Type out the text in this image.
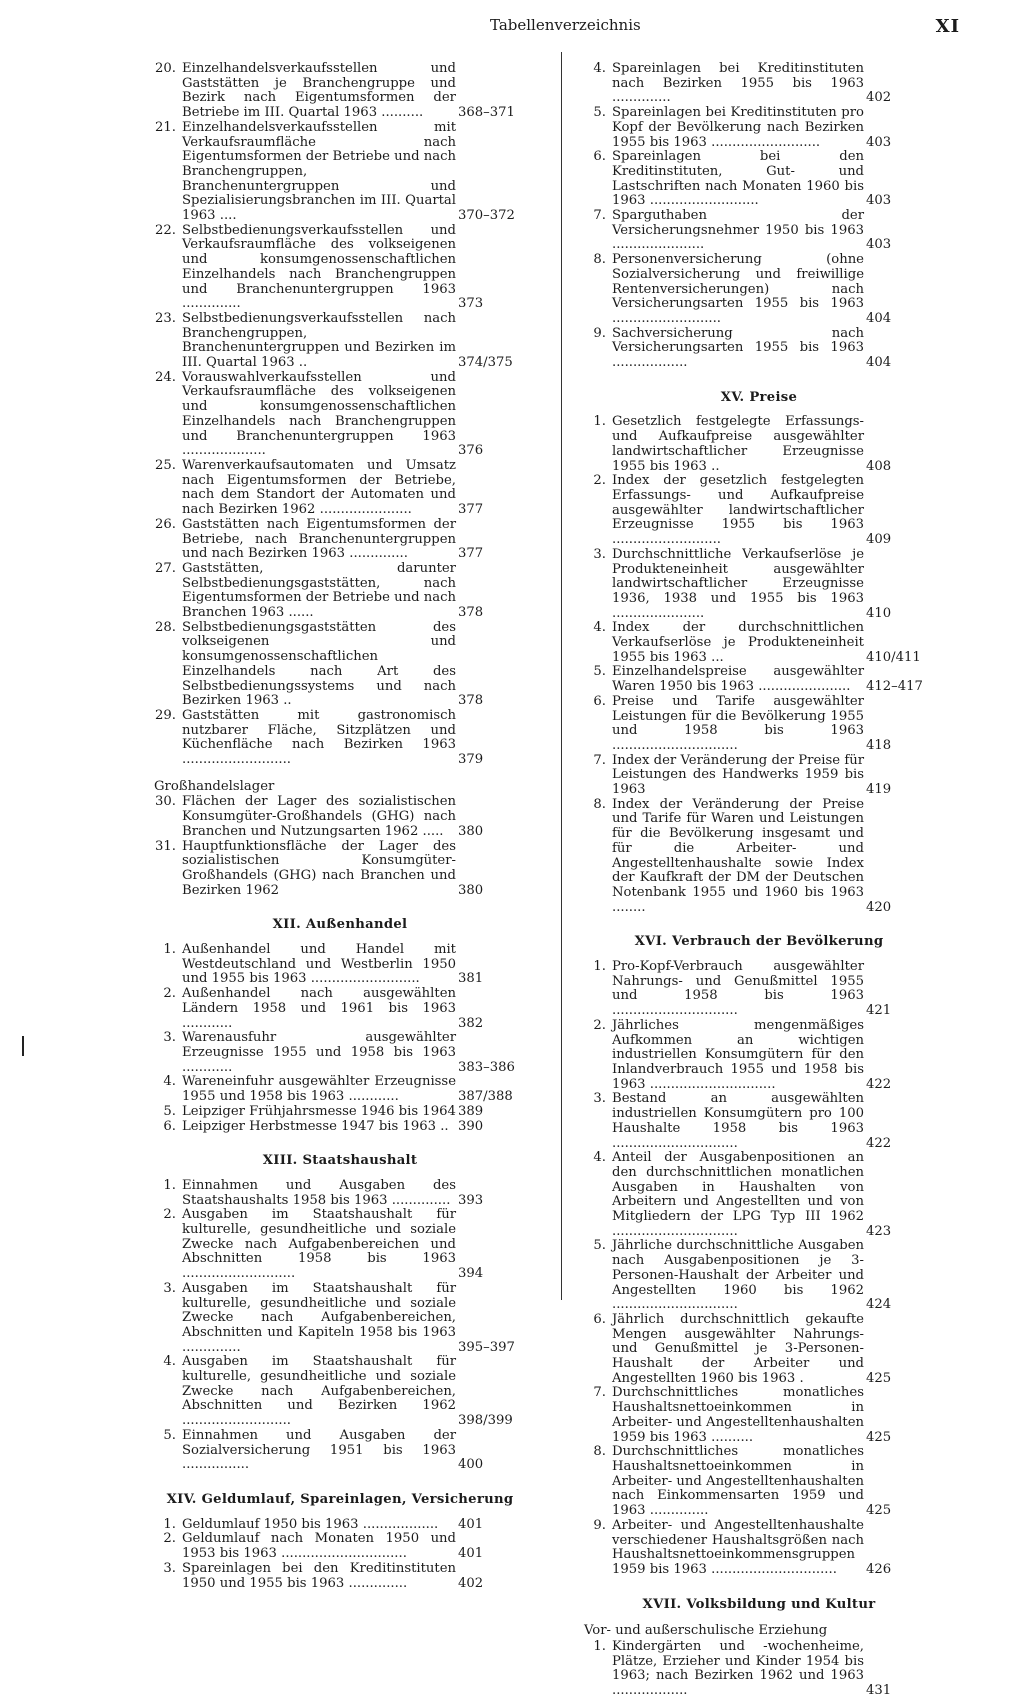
Tabellenverzeichnis	XI
20. Einzelhandelsverkaufsstellen und Gaststätten je Branchengruppe und Bezirk nach Eigentumsformen der Betriebe im III. Quartal 1963 ..........	368–371
21. Einzelhandelsverkaufsstellen mit Verkaufsraumfläche nach Eigentumsformen der Betriebe und nach Branchengruppen, Branchenuntergruppen und Spezialisierungsbranchen im III. Quartal 1963 ....	370–372
22. Selbstbedienungsverkaufsstellen und Verkaufsraumfläche des volkseigenen und konsumgenossenschaftlichen Einzelhandels nach Branchengruppen und Branchenuntergruppen 1963 ..............	373
23. Selbstbedienungsverkaufsstellen nach Branchengruppen, Branchenuntergruppen und Bezirken im III. Quartal 1963 ..	374/375
24. Vorauswahlverkaufsstellen und Verkaufsraumfläche des volkseigenen und konsumgenossenschaftlichen Einzelhandels nach Branchengruppen und Branchenuntergruppen 1963 ....................	376
25. Warenverkaufsautomaten und Umsatz nach Eigentumsformen der Betriebe, nach dem Standort der Automaten und nach Bezirken 1962 ......................	377
26. Gaststätten nach Eigentumsformen der Betriebe, nach Branchenuntergruppen und nach Bezirken 1963 ..............	377
27. Gaststätten, darunter Selbstbedienungsgaststätten, nach Eigentumsformen der Betriebe und nach Branchen 1963 ......	378
28. Selbstbedienungsgaststätten des volkseigenen und konsumgenossenschaftlichen Einzelhandels nach Art des Selbstbedienungssystems und nach Bezirken 1963 ..	378
29. Gaststätten mit gastronomisch nutzbarer Fläche, Sitzplätzen und Küchenfläche nach Bezirken 1963 ..........................	379
Großhandelslager
30. Flächen der Lager des sozialistischen Konsumgüter-Großhandels (GHG) nach Branchen und Nutzungsarten 1962 ..... 380
31. Hauptfunktionsfläche der Lager des sozialistischen Konsumgüter-Großhandels (GHG) nach Branchen und Bezirken 1962	380
XII. Außenhandel
1. Außenhandel und Handel mit Westdeutschland und Westberlin 1950 und 1955 bis 1963 ..........................	381
2. Außenhandel nach ausgewählten Ländern 1958 und 1961 bis 1963 ............	382
3. Warenausfuhr ausgewählter Erzeugnisse 1955 und 1958 bis 1963 ............	383–386
4. Wareneinfuhr ausgewählter Erzeugnisse 1955 und 1958 bis 1963 ............	387/388
5. Leipziger Frühjahrsmesse 1946 bis 1964 389
6. Leipziger Herbstmesse 1947 bis 1963 .. 390
XIII. Staatshaushalt
1. Einnahmen und Ausgaben des Staatshaushalts 1958 bis 1963 .............. 393
2. Ausgaben im Staatshaushalt für kulturelle, gesundheitliche und soziale Zwecke nach Aufgabenbereichen und Abschnitten 1958 bis 1963 ...........................	394
3. Ausgaben im Staatshaushalt für kulturelle, gesundheitliche und soziale Zwecke nach Aufgabenbereichen, Abschnitten und Kapiteln 1958 bis 1963 ..............	395–397
4. Ausgaben im Staatshaushalt für kulturelle, gesundheitliche und soziale Zwecke nach Aufgabenbereichen, Abschnitten und Bezirken 1962 ..........................	398/399
5. Einnahmen und Ausgaben der Sozialversicherung 1951 bis 1963 ................	400
XIV. Geldumlauf, Spareinlagen, Versicherung
1. Geldumlauf 1950 bis 1963 .................. 401
2. Geldumlauf nach Monaten 1950 und 1953 bis 1963 ..............................	401
3. Spareinlagen bei den Kreditinstituten 1950 und 1955 bis 1963 ..............	402
4. Spareinlagen bei Kreditinstituten nach Bezirken 1955 bis 1963 ..............	402
5. Spareinlagen bei Kreditinstituten pro Kopf der Bevölkerung nach Bezirken 1955 bis 1963 ..........................	403
6. Spareinlagen bei den Kreditinstituten, Gut- und Lastschriften nach Monaten 1960 bis 1963 ..........................	403
7. Sparguthaben der Versicherungsnehmer 1950 bis 1963 ......................	403
8. Personenversicherung (ohne Sozialversicherung und freiwillige Rentenversicherungen) nach Versicherungsarten 1955 bis 1963 ..........................	404
9. Sachversicherung nach Versicherungsarten 1955 bis 1963 ..................	404
XV. Preise
1. Gesetzlich festgelegte Erfassungs- und Aufkaufpreise ausgewählter landwirtschaftlicher Erzeugnisse 1955 bis 1963 ..	408
2. Index der gesetzlich festgelegten Erfassungs- und Aufkaufpreise ausgewählter landwirtschaftlicher Erzeugnisse 1955 bis 1963 ..........................	409
3. Durchschnittliche Verkaufserlöse je Produkteneinheit ausgewählter landwirtschaftlicher Erzeugnisse 1936, 1938 und 1955 bis 1963 ......................	410
4. Index der durchschnittlichen Verkaufserlöse je Produkteneinheit 1955 bis 1963 ...	410/411
5. Einzelhandelspreise ausgewählter Waren 1950 bis 1963 ...................... 412–417
6. Preise und Tarife ausgewählter Leistungen für die Bevölkerung 1955 und 1958 bis 1963 ..............................	418
7. Index der Veränderung der Preise für Leistungen des Handwerks 1959 bis 1963	419
8. Index der Veränderung der Preise und Tarife für Waren und Leistungen für die Bevölkerung insgesamt und für die Arbeiter- und Angestelltenhaushalte sowie Index der Kaufkraft der DM der Deutschen Notenbank 1955 und 1960 bis 1963 ........	420
XVI. Verbrauch der Bevölkerung
1. Pro-Kopf-Verbrauch ausgewählter Nahrungs- und Genußmittel 1955 und 1958 bis 1963 ..............................	421
2. Jährliches mengenmäßiges Aufkommen an wichtigen industriellen Konsumgütern für den Inlandverbrauch 1955 und 1958 bis 1963 ..............................	422
3. Bestand an ausgewählten industriellen Konsumgütern pro 100 Haushalte 1958 bis 1963 ..............................	422
4. Anteil der Ausgabenpositionen an den durchschnittlichen monatlichen Ausgaben in Haushalten von Arbeitern und Angestellten und von Mitgliedern der LPG Typ III 1962 ..............................	423
5. Jährliche durchschnittliche Ausgaben nach Ausgabenpositionen je 3-Personen-Haushalt der Arbeiter und Angestellten 1960 bis 1962 ..............................	424
6. Jährlich durchschnittlich gekaufte Mengen ausgewählter Nahrungs- und Genußmittel je 3-Personen-Haushalt der Arbeiter und Angestellten 1960 bis 1963 .	425
7. Durchschnittliches monatliches Haushaltsnettoeinkommen in Arbeiter- und Angestelltenhaushalten 1959 bis 1963 ..........	425
8. Durchschnittliches monatliches Haushaltsnettoeinkommen in Arbeiter- und Angestelltenhaushalten nach Einkommensarten 1959 und 1963 ..............	425
9. Arbeiter- und Angestelltenhaushalte verschiedener Haushaltsgrößen nach Haushaltsnettoeinkommensgruppen 1959 bis 1963 .............................. 426
XVII. Volksbildung und Kultur
Vor- und außerschulische Erziehung
1. Kindergärten und -wochenheime, Plätze, Erzieher und Kinder 1954 bis 1963; nach Bezirken 1962 und 1963 ..................	431
